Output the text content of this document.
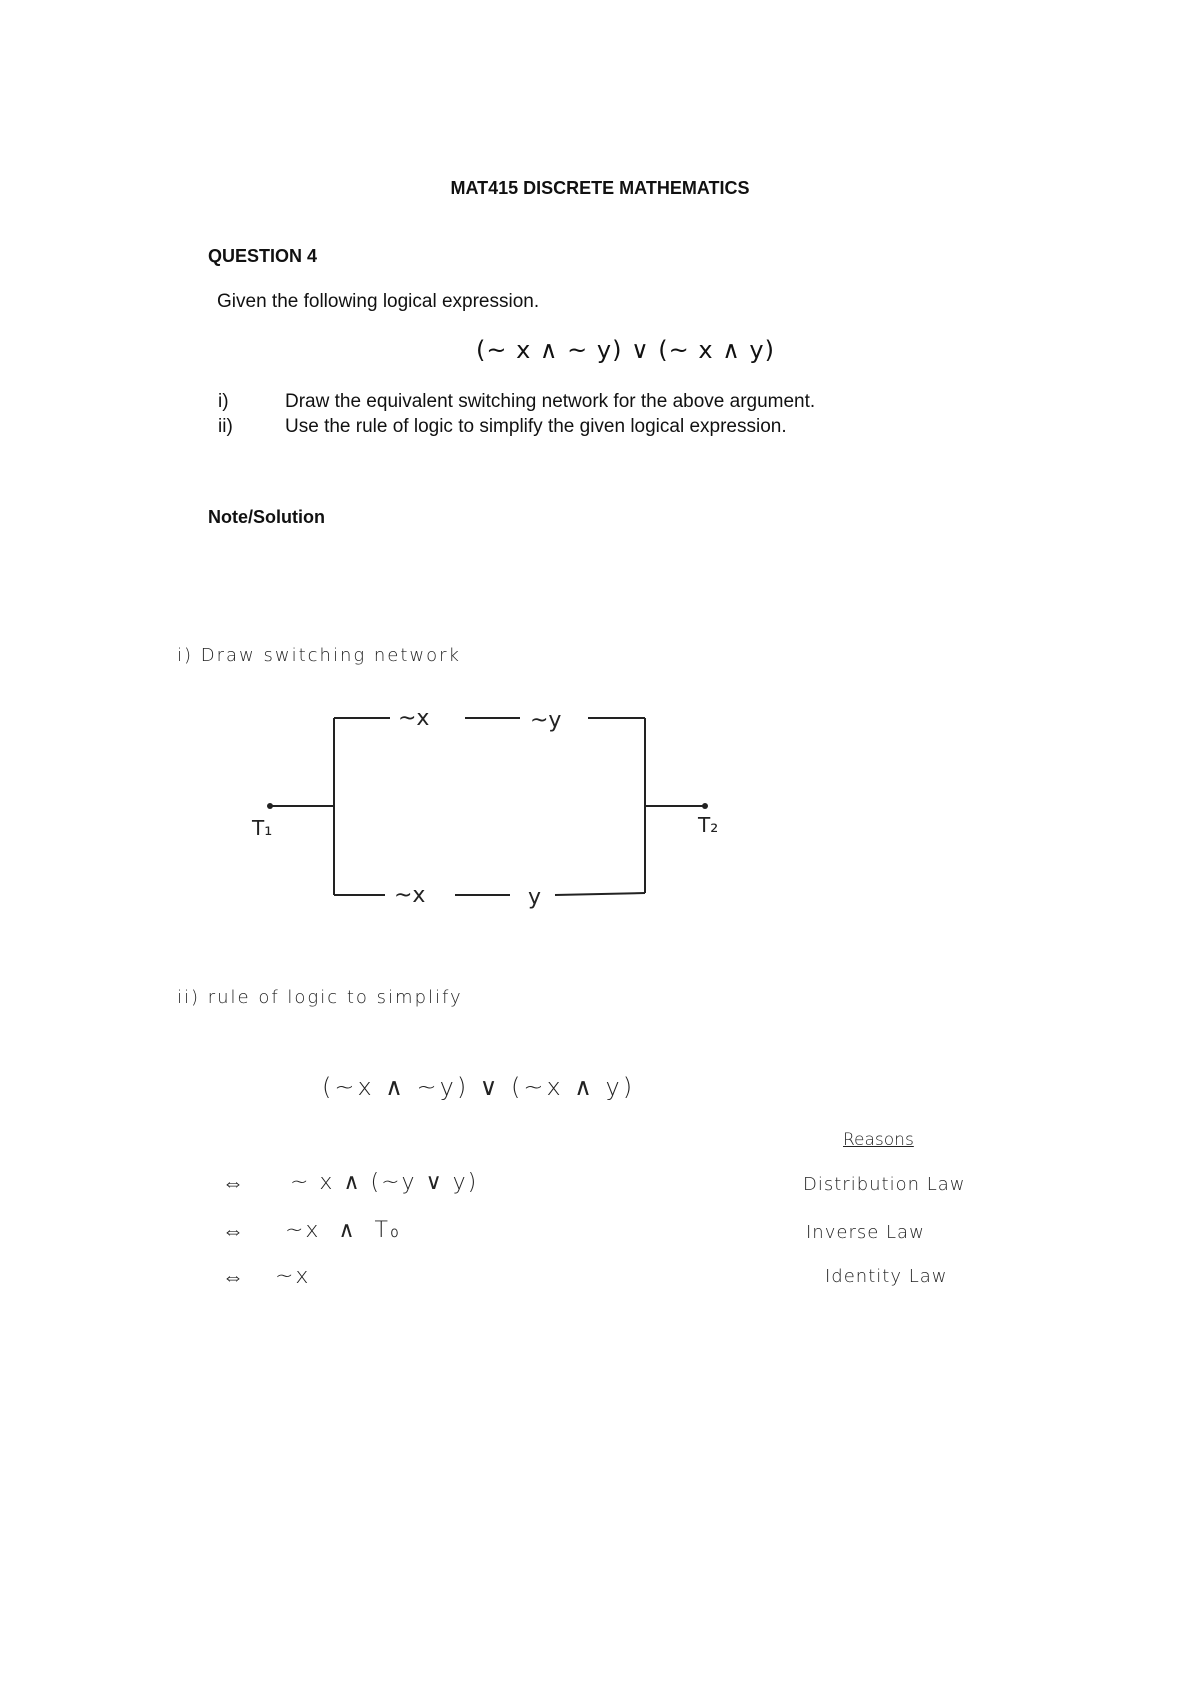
MAT415 DISCRETE MATHEMATICS
QUESTION 4
Given the following logical expression.
(~ x ∧ ~ y) ∨ (~ x ∧ y)
i)	Draw the equivalent switching network for the above argument.
ii)	Use the rule of logic to simplify the given logical expression.
Note/Solution
i) Draw switching network
~x	~y
~x	y
T₁	T₂
ii) rule of logic to simplify
(~x ∧ ~y) ∨ (~x ∧ y)
Reasons
⇔ ~ x ∧ (~y ∨ y)	Distribution Law
⇔ ~x  ∧  T₀	Inverse Law
⇔ ~x	Identity Law
